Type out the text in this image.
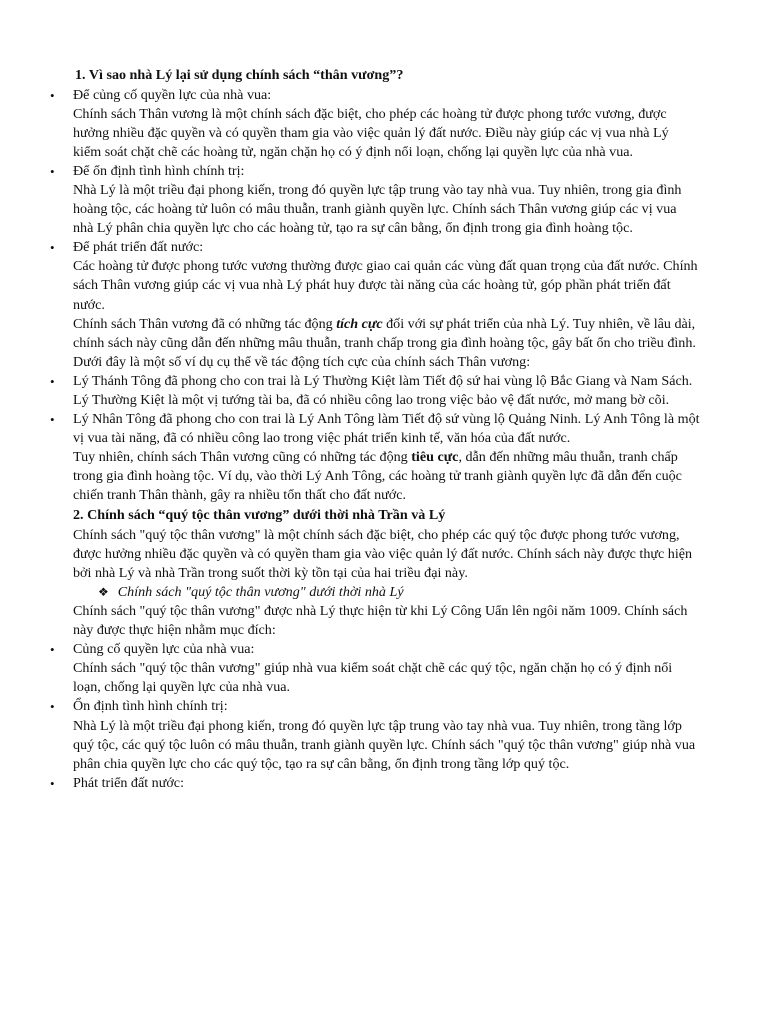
1. Vì sao nhà Lý lại sử dụng chính sách “thân vương”?

• Để củng cố quyền lực của nhà vua:

Chính sách Thân vương là một chính sách đặc biệt, cho phép các hoàng tử được phong tước vương, được hưởng nhiều đặc quyền và có quyền tham gia vào việc quản lý đất nước. Điều này giúp các vị vua nhà Lý kiểm soát chặt chẽ các hoàng tử, ngăn chặn họ có ý định nổi loạn, chống lại quyền lực của nhà vua.

• Để ổn định tình hình chính trị:

Nhà Lý là một triều đại phong kiến, trong đó quyền lực tập trung vào tay nhà vua. Tuy nhiên, trong gia đình hoàng tộc, các hoàng tử luôn có mâu thuẫn, tranh giành quyền lực. Chính sách Thân vương giúp các vị vua nhà Lý phân chia quyền lực cho các hoàng tử, tạo ra sự cân bằng, ổn định trong gia đình hoàng tộc.

• Để phát triển đất nước:

Các hoàng tử được phong tước vương thường được giao cai quản các vùng đất quan trọng của đất nước. Chính sách Thân vương giúp các vị vua nhà Lý phát huy được tài năng của các hoàng tử, góp phần phát triển đất nước.

Chính sách Thân vương đã có những tác động tích cực đối với sự phát triển của nhà Lý. Tuy nhiên, về lâu dài, chính sách này cũng dẫn đến những mâu thuẫn, tranh chấp trong gia đình hoàng tộc, gây bất ổn cho triều đình.

Dưới đây là một số ví dụ cụ thể về tác động tích cực của chính sách Thân vương:

• Lý Thánh Tông đã phong cho con trai là Lý Thường Kiệt làm Tiết độ sứ hai vùng lộ Bắc Giang và Nam Sách. Lý Thường Kiệt là một vị tướng tài ba, đã có nhiều công lao trong việc bảo vệ đất nước, mở mang bờ cõi.

• Lý Nhân Tông đã phong cho con trai là Lý Anh Tông làm Tiết độ sứ vùng lộ Quảng Ninh. Lý Anh Tông là một vị vua tài năng, đã có nhiều công lao trong việc phát triển kinh tế, văn hóa của đất nước.

Tuy nhiên, chính sách Thân vương cũng có những tác động tiêu cực, dẫn đến những mâu thuẫn, tranh chấp trong gia đình hoàng tộc. Ví dụ, vào thời Lý Anh Tông, các hoàng tử tranh giành quyền lực đã dẫn đến cuộc chiến tranh Thân thành, gây ra nhiều tổn thất cho đất nước.

2. Chính sách “quý tộc thân vương” dưới thời nhà Trần và Lý

Chính sách "quý tộc thân vương" là một chính sách đặc biệt, cho phép các quý tộc được phong tước vương, được hưởng nhiều đặc quyền và có quyền tham gia vào việc quản lý đất nước. Chính sách này được thực hiện bởi nhà Lý và nhà Trần trong suốt thời kỳ tồn tại của hai triều đại này.

❖ Chính sách "quý tộc thân vương" dưới thời nhà Lý

Chính sách "quý tộc thân vương" được nhà Lý thực hiện từ khi Lý Công Uẩn lên ngôi năm 1009. Chính sách này được thực hiện nhằm mục đích:

• Củng cố quyền lực của nhà vua:

Chính sách "quý tộc thân vương" giúp nhà vua kiểm soát chặt chẽ các quý tộc, ngăn chặn họ có ý định nổi loạn, chống lại quyền lực của nhà vua.

• Ổn định tình hình chính trị:

Nhà Lý là một triều đại phong kiến, trong đó quyền lực tập trung vào tay nhà vua. Tuy nhiên, trong tầng lớp quý tộc, các quý tộc luôn có mâu thuẫn, tranh giành quyền lực. Chính sách "quý tộc thân vương" giúp nhà vua phân chia quyền lực cho các quý tộc, tạo ra sự cân bằng, ổn định trong tầng lớp quý tộc.

• Phát triển đất nước:
